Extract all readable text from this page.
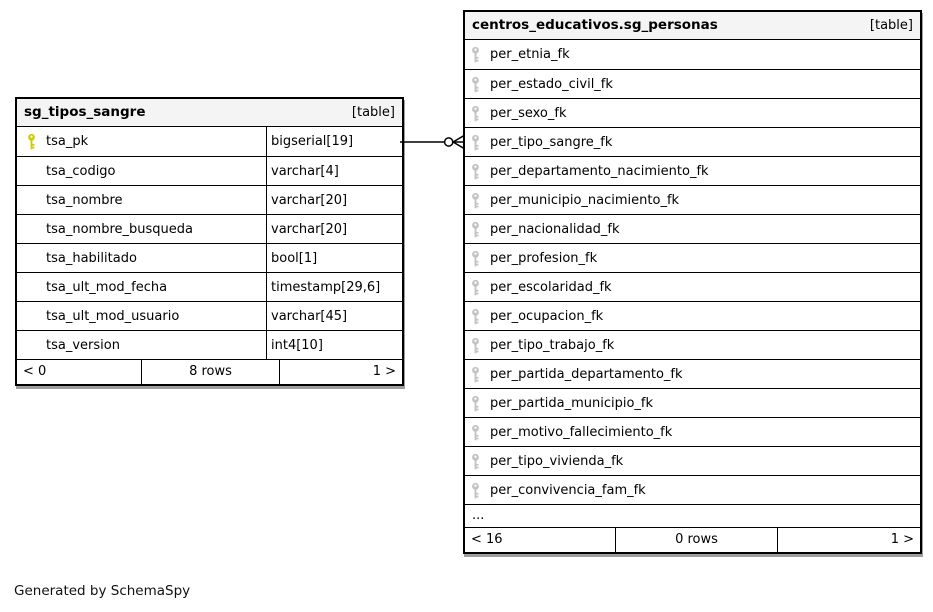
sg_tipos_sangre	[table]
tsa_pk	bigserial[19]
tsa_codigo	varchar[4]
tsa_nombre	varchar[20]
tsa_nombre_busqueda	varchar[20]
tsa_habilitado	bool[1]
tsa_ult_mod_fecha	timestamp[29,6]
tsa_ult_mod_usuario	varchar[45]
tsa_version	int4[10]
< 0	8 rows	1 >
centros_educativos.sg_personas	[table]
per_etnia_fk
per_estado_civil_fk
per_sexo_fk
per_tipo_sangre_fk
per_departamento_nacimiento_fk
per_municipio_nacimiento_fk
per_nacionalidad_fk
per_profesion_fk
per_escolaridad_fk
per_ocupacion_fk
per_tipo_trabajo_fk
per_partida_departamento_fk
per_partida_municipio_fk
per_motivo_fallecimiento_fk
per_tipo_vivienda_fk
per_convivencia_fam_fk
...
< 16	0 rows	1 >
Generated by SchemaSpy
